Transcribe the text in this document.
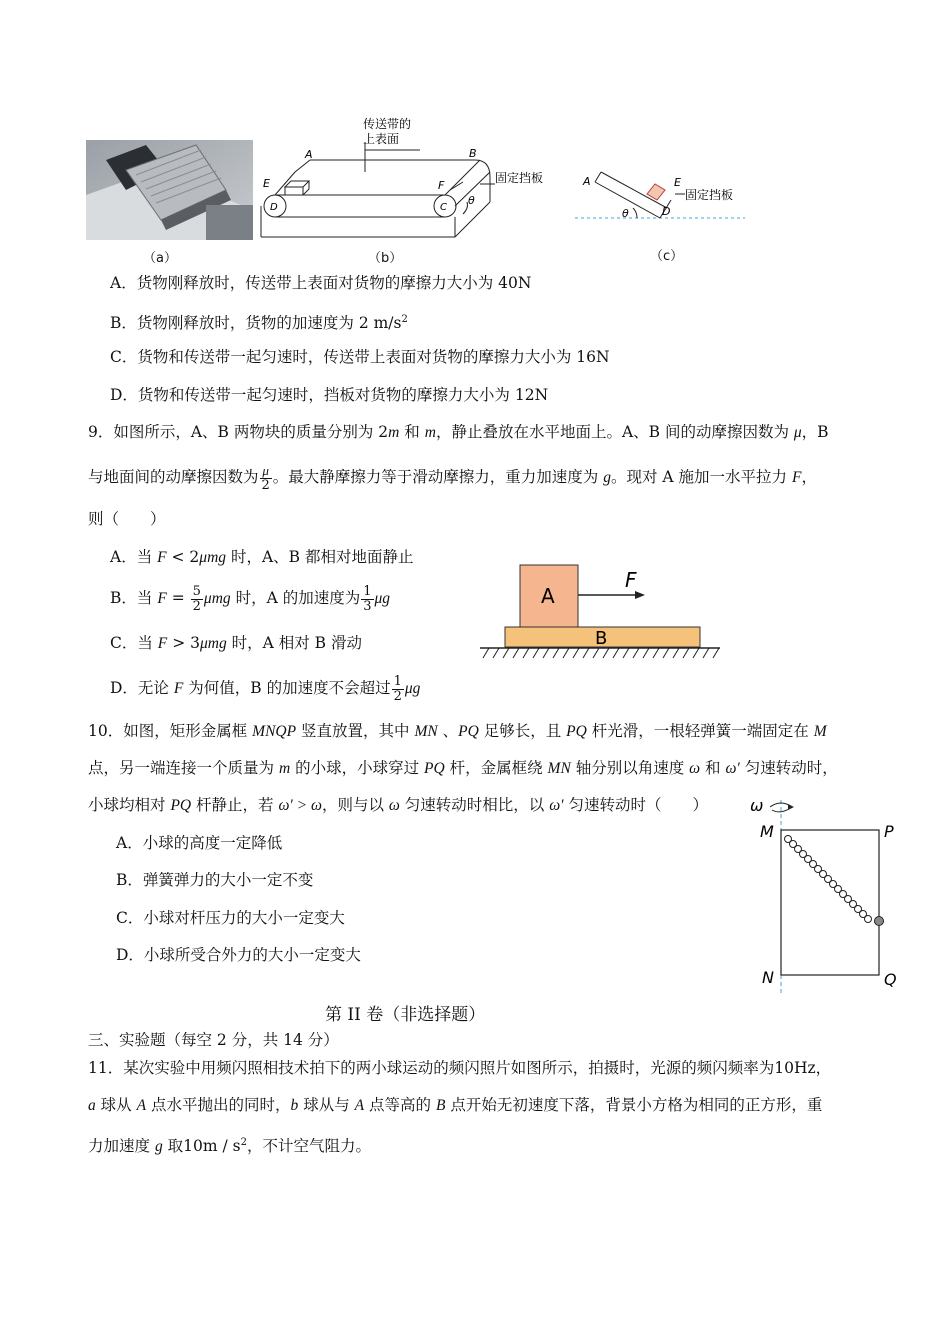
（a）
传送带的
上表面
A	B
E	F
D	C
θ
固定挡板
（b）
A	E
D
θ
固定挡板
（c）
A．货物刚释放时，传送带上表面对货物的摩擦力大小为 40N
B．货物刚释放时，货物的加速度为 2 $m/s^2$
C．货物和传送带一起匀速时，传送带上表面对货物的摩擦力大小为 16N
D．货物和传送带一起匀速时，挡板对货物的摩擦力大小为 12N
9．如图所示，A、B 两物块的质量分别为 2m 和 m，静止叠放在水平地面上。A、B 间的动摩擦因数为 μ，B
与地面间的动摩擦因数为 $\frac{\mu}{2}$ 。最大静摩擦力等于滑动摩擦力，重力加速度为 g。现对 A 施加一水平拉力 F，
则（　　）
A．当 F < 2μmg 时，A、B 都相对地面静止
B．当 $F = \frac{5}{2}$ μmg 时，A 的加速度为 $\frac{1}{3}$ μg
C．当 F > 3μmg 时，A 相对 B 滑动
D．无论 F 为何值，B 的加速度不会超过 $\frac{1}{2}$ μg
A
B
F
10．如图，矩形金属框 MNQP 竖直放置，其中 MN 、PQ 足够长，且 PQ 杆光滑，一根轻弹簧一端固定在 M
点，另一端连接一个质量为 m 的小球，小球穿过 PQ 杆，金属框绕 MN 轴分别以角速度 ω 和 ω′ 匀速转动时，
小球均相对 PQ 杆静止，若 ω′ > ω，则与以 ω 匀速转动时相比，以 ω′ 匀速转动时（　　）
A．小球的高度一定降低
B．弹簧弹力的大小一定不变
C．小球对杆压力的大小一定变大
D．小球所受合外力的大小一定变大
ω
M	P
N	Q
第 II 卷（非选择题）
三、实验题（每空 2 分，共 14 分）
11．某次实验中用频闪照相技术拍下的两小球运动的频闪照片如图所示，拍摄时，光源的频闪频率为10Hz，
a 球从 A 点水平抛出的同时，b 球从与 A 点等高的 B 点开始无初速度下落，背景小方格为相同的正方形，重
力加速度 g 取$10m / s^2$，不计空气阻力。
